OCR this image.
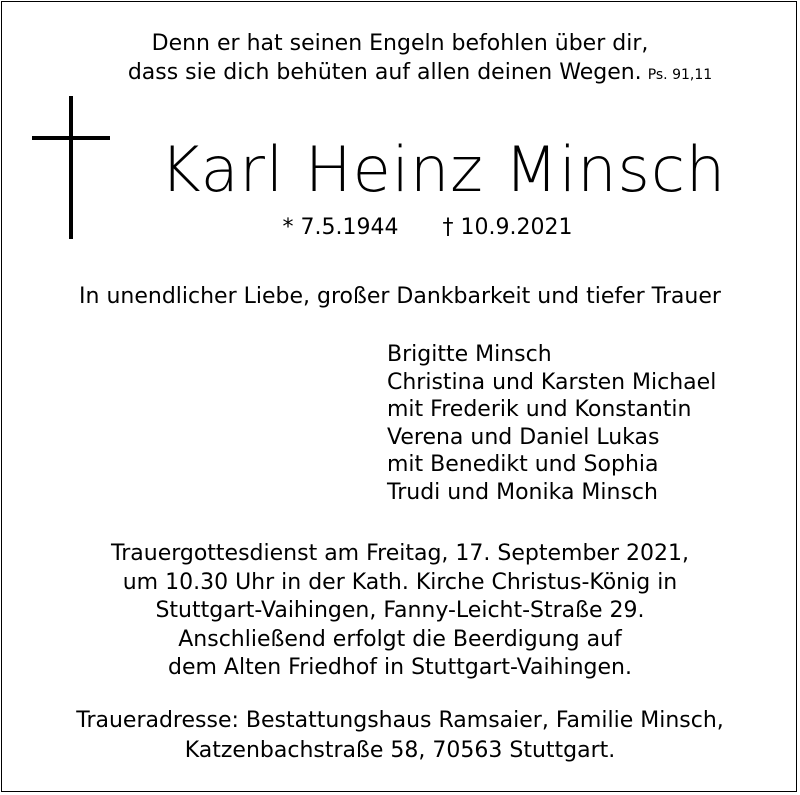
Denn er hat seinen Engeln befohlen über dir,
dass sie dich behüten auf allen deinen Wegen. Ps. 91,11
Karl Heinz Minsch
* 7.5.1944 † 10.9.2021
In unendlicher Liebe, großer Dankbarkeit und tiefer Trauer
Brigitte Minsch
Christina und Karsten Michael
mit Frederik und Konstantin
Verena und Daniel Lukas
mit Benedikt und Sophia
Trudi und Monika Minsch
Trauergottesdienst am Freitag, 17. September 2021,
um 10.30 Uhr in der Kath. Kirche Christus-König in
Stuttgart-Vaihingen, Fanny-Leicht-Straße 29.
Anschließend erfolgt die Beerdigung auf
dem Alten Friedhof in Stuttgart-Vaihingen.
Traueradresse: Bestattungshaus Ramsaier, Familie Minsch,
Katzenbachstraße 58, 70563 Stuttgart.
